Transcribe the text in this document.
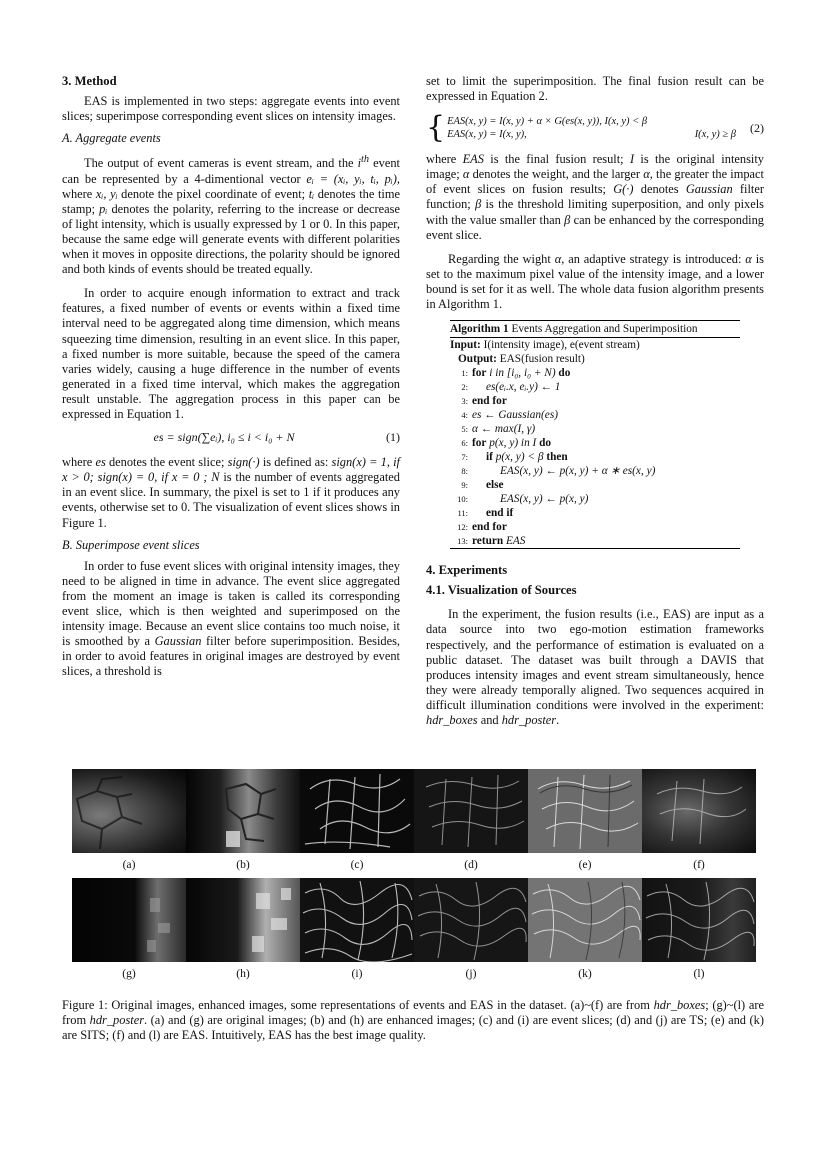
3. Method

EAS is implemented in two steps: aggregate events into event slices; superimpose corresponding event slices on intensity images.

A. Aggregate events

The output of event cameras is event stream, and the $i^{th}$ event can be represented by a 4-dimentional vector eᵢ = (xᵢ, yᵢ, tᵢ, pᵢ), where xᵢ, yᵢ denote the pixel coordinate of event; tᵢ denotes the time stamp; pᵢ denotes the polarity, referring to the increase or decrease of light intensity, which is usually expressed by 1 or 0. In this paper, because the same edge will generate events with different polarities when it moves in opposite directions, the polarity should be ignored and both kinds of events should be treated equally.

In order to acquire enough information to extract and track features, a fixed number of events or events within a fixed time interval need to be aggregated along time dimension, which means squeezing time dimension, resulting in an event slice. In this paper, a fixed number is more suitable, because the speed of the camera varies widely, causing a huge difference in the number of events generated in a fixed time interval, which makes the aggregation result unstable. The aggregation process in this paper can be expressed in Equation 1.

es = sign(∑eᵢ), i₀ ≤ i < i₀ + N	(1)

where es denotes the event slice; sign(·) is defined as: sign(x) = 1, if x > 0; sign(x) = 0, if x = 0 ; N is the number of events aggregated in an event slice. In summary, the pixel is set to 1 if it produces any events, otherwise set to 0. The visualization of event slices shows in Figure 1.

B. Superimpose event slices

In order to fuse event slices with original intensity images, they need to be aligned in time in advance. The event slice aggregated from the moment an image is taken is called its corresponding event slice, which is then weighted and superimposed on the intensity image. Because an event slice contains too much noise, it is smoothed by a Gaussian filter before superimposition. Besides, in order to avoid features in original images are destroyed by event slices, a threshold is

set to limit the superimposition. The final fusion result can be expressed in Equation 2.

{ EAS(x, y) = I(x, y) + α × G(es(x, y)), I(x, y) < β
EAS(x, y) = I(x, y),	I(x, y) ≥ β
(2)

where EAS is the final fusion result; I is the original intensity image; α denotes the weight, and the larger α, the greater the impact of event slices on fusion results; G(·) denotes Gaussian filter function; β is the threshold limiting superposition, and only pixels with the value smaller than β can be enhanced by the corresponding event slice.

Regarding the wight α, an adaptive strategy is introduced: α is set to the maximum pixel value of the intensity image, and a lower bound is set for it as well. The whole data fusion algorithm presents in Algorithm 1.

Algorithm 1 Events Aggregation and Superimposition
Input: I(intensity image), e(event stream)
Output: EAS(fusion result)
1: for i in [i₀, i₀ + N) do
2:	es(eᵢ.x, eᵢ.y) ← 1
3: end for
4: es ← Gaussian(es)
5: α ← max(I, γ)
6: for p(x, y) in I do
7:	if p(x, y) < β then
8:	EAS(x, y) ← p(x, y) + α ∗ es(x, y)
9:	else
10:	EAS(x, y) ← p(x, y)
11:	end if
12: end for
13: return EAS
4. Experiments
4.1. Visualization of Sources

In the experiment, the fusion results (i.e., EAS) are input as a data source into two ego-motion estimation frameworks respectively, and the performance of estimation is evaluated on a public dataset. The dataset was built through a DAVIS that produces intensity images and event stream simultaneously, hence they were already temporally aligned. Two sequences acquired in difficult illumination conditions were involved in the experiment: hdr_boxes and hdr_poster.

(a)	(b)	(c)	(d)	(e)	(f)
(g)	(h)	(i)	(j)	(k)	(l)
Figure 1: Original images, enhanced images, some representations of events and EAS in the dataset. (a)~(f) are from hdr_boxes; (g)~(l) are from hdr_poster. (a) and (g) are original images; (b) and (h) are enhanced images; (c) and (i) are event slices; (d) and (j) are TS; (e) and (k) are SITS; (f) and (l) are EAS. Intuitively, EAS has the best image quality.
